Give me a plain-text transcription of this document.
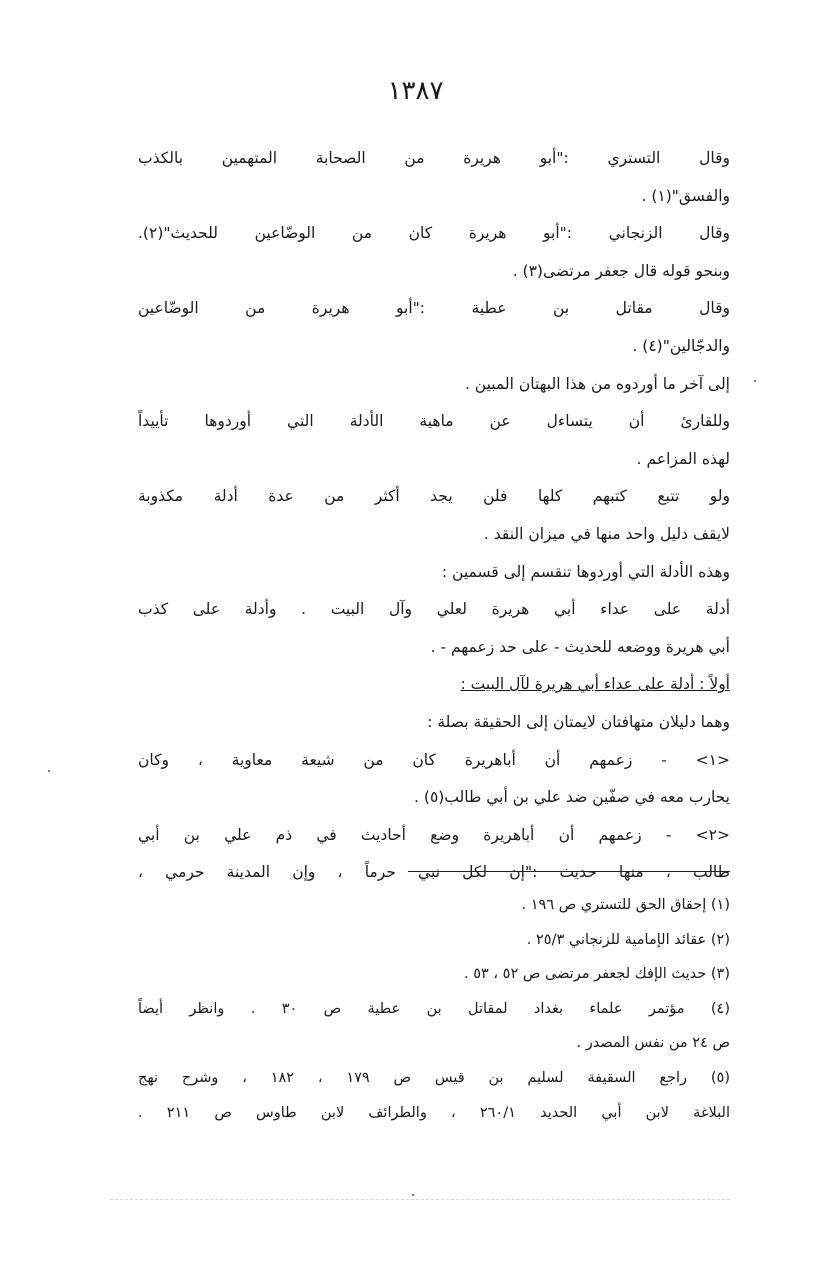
١٣٨٧
وقال التستري :"أبو هريرة من الصحابة المتهمين بالكذب
والفسق"(١) .
وقال الزنجاني :"أبو هريرة كان من الوضّاعين للحديث"(٢).
وبنحو قوله قال جعفر مرتضى(٣) .
وقال مقاتل بن عطية :"أبو هريرة من الوضّاعين
والدجّالين"(٤) .
إلى آخر ما أوردوه من هذا البهتان المبين .
وللقارئ أن يتساءل عن ماهية الأدلة التي أوردوها تأييداً
لهذه المزاعم .
ولو تتبع كتبهم كلها فلن يجد أكثر من عدة أدلة مكذوبة
لايقف دليل واحد منها في ميزان النقد .
وهذه الأدلة التي أوردوها تنقسم إلى قسمين :
أدلة على عداء أبي هريرة لعلي وآل البيت . وأدلة على كذب
أبي هريرة ووضعه للحديث - على حد زعمهم - .
أولاً : أدلة على عداء أبي هريرة لآل البيت :
وهما دليلان متهافتان لايمتان إلى الحقيقة بصلة :
<١> - زعمهم أن أباهريرة كان من شيعة معاوية ، وكان
يحارب معه في صفّين ضد علي بن أبي طالب(٥) .
<٢> - زعمهم أن أباهريرة وضع أحاديث في ذم علي بن أبي
طالب ، منها حديث :"إن لكل نبي حرماً ، وإن المدينة حرمي ،
(١) إحقاق الحق للتستري ص ١٩٦ .
(٢) عقائد الإمامية للزنجاني ٢٥/٣ .
(٣) حديث الإفك لجعفر مرتضى ص ٥٢ ، ٥٣ .
(٤) مؤتمر علماء بغداد لمقاتل بن عطية ص ٣٠ . وانظر أيضاً
ص ٢٤ من نفس المصدر .
(٥) راجع السقيفة لسليم بن قيس ص ١٧٩ ، ١٨٢ ، وشرح نهج
البلاغة لابن أبي الحديد ٢٦٠/١ ، والطرائف لابن طاوس ص ٢١١ .
